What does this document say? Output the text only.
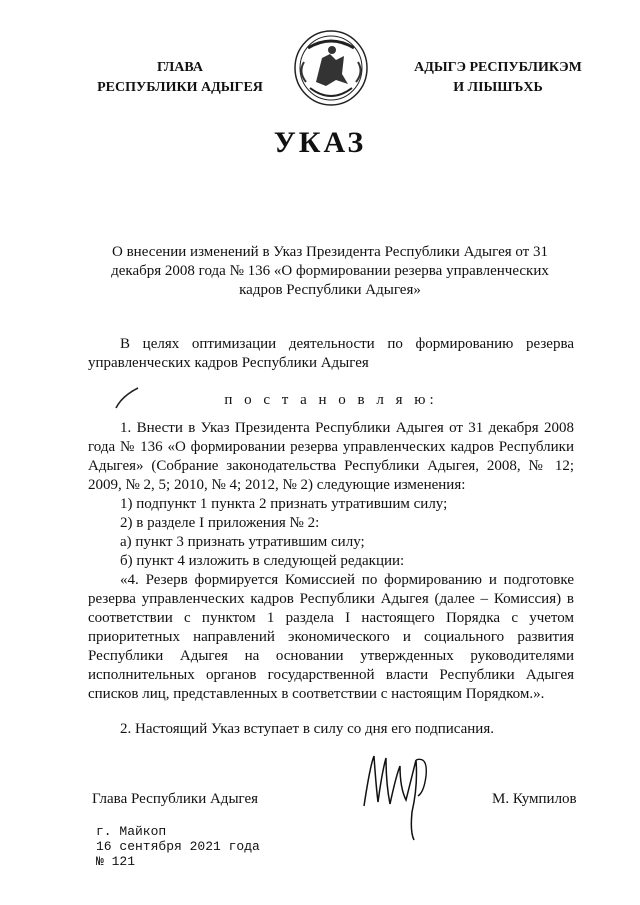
ГЛАВА
РЕСПУБЛИКИ АДЫГЕЯ
АДЫГЭ РЕСПУБЛИКЭМ
И ЛІЫШЪХЬ
УКАЗ
О внесении изменений в Указ Президента Республики Адыгея от 31 декабря 2008 года № 136 «О формировании резерва управленческих кадров Республики Адыгея»
В целях оптимизации деятельности по формированию резерва управленческих кадров Республики Адыгея
п о с т а н о в л я ю:

1. Внести в Указ Президента Республики Адыгея от 31 декабря 2008 года № 136 «О формировании резерва управленческих кадров Республики Адыгея» (Собрание законодательства Республики Адыгея, 2008, № 12; 2009, № 2, 5; 2010, № 4; 2012, № 2) следующие изменения:

1) подпункт 1 пункта 2 признать утратившим силу;

2) в разделе I приложения № 2:

а) пункт 3 признать утратившим силу;

б) пункт 4 изложить в следующей редакции:

«4. Резерв формируется Комиссией по формированию и подготовке резерва управленческих кадров Республики Адыгея (далее – Комиссия) в соответствии с пунктом 1 раздела I настоящего Порядка с учетом приоритетных направлений экономического и социального развития Республики Адыгея на основании утвержденных руководителями исполнительных органов государственной власти Республики Адыгея списков лиц, представленных в соответствии с настоящим Порядком.».

2. Настоящий Указ вступает в силу со дня его подписания.

Глава Республики Адыгея	М. Кумпилов
г. Майкоп
16 сентября 2021 года
№ 121
